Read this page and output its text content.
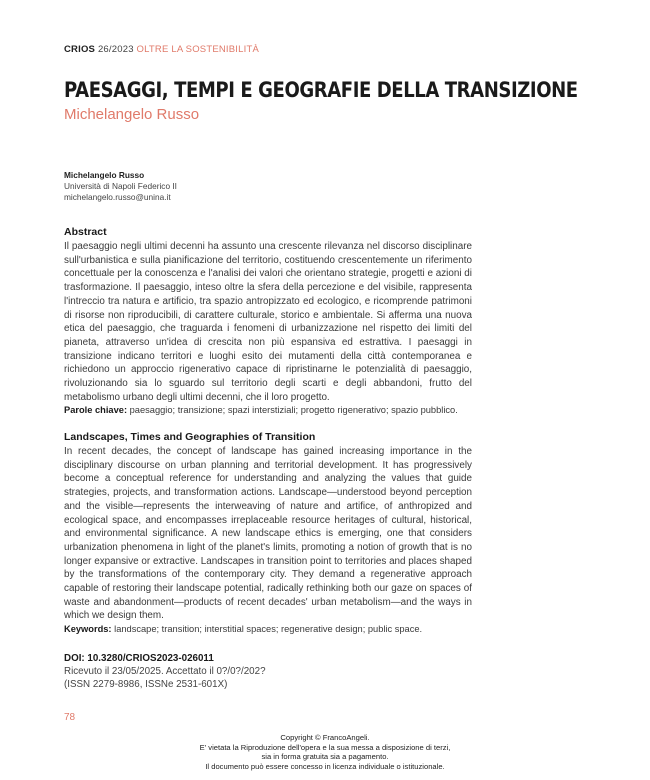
CRIOS 26/2023 OLTRE LA SOSTENIBILITÀ
PAESAGGI, TEMPI E GEOGRAFIE DELLA TRANSIZIONE
Michelangelo Russo
Michelangelo Russo
Università di Napoli Federico II
michelangelo.russo@unina.it
Abstract

Il paesaggio negli ultimi decenni ha assunto una crescente rilevanza nel discorso disciplinare sull'urbanistica e sulla pianificazione del territorio, costituendo crescentemente un riferimento concettuale per la conoscenza e l'analisi dei valori che orientano strategie, progetti e azioni di trasformazione. Il paesaggio, inteso oltre la sfera della percezione e del visibile, rappresenta l'intreccio tra natura e artificio, tra spazio antropizzato ed ecologico, e ricomprende patrimoni di risorse non riproducibili, di carattere culturale, storico e ambientale. Si afferma una nuova etica del paesaggio, che traguarda i fenomeni di urbanizzazione nel rispetto dei limiti del pianeta, attraverso un'idea di crescita non più espansiva ed estrattiva. I paesaggi in transizione indicano territori e luoghi esito dei mutamenti della città contemporanea e richiedono un approccio rigenerativo capace di ripristinarne le potenzialità di paesaggio, rivoluzionando sia lo sguardo sul territorio degli scarti e degli abbandoni, frutto del metabolismo urbano degli ultimi decenni, che il loro progetto.

Parole chiave: paesaggio; transizione; spazi interstiziali; progetto rigenerativo; spazio pubblico.
Landscapes, Times and Geographies of Transition

In recent decades, the concept of landscape has gained increasing importance in the disciplinary discourse on urban planning and territorial development. It has progressively become a conceptual reference for understanding and analyzing the values that guide strategies, projects, and transformation actions. Landscape—understood beyond perception and the visible—represents the interweaving of nature and artifice, of anthropized and ecological space, and encompasses irreplaceable resource heritages of cultural, historical, and environmental significance. A new landscape ethics is emerging, one that considers urbanization phenomena in light of the planet's limits, promoting a notion of growth that is no longer expansive or extractive. Landscapes in transition point to territories and places shaped by the transformations of the contemporary city. They demand a regenerative approach capable of restoring their landscape potential, radically rethinking both our gaze on spaces of waste and abandonment—products of recent decades' urban metabolism—and the ways in which we design them.

Keywords: landscape; transition; interstitial spaces; regenerative design; public space.
DOI: 10.3280/CRIOS2023-026011
Ricevuto il 23/05/2025. Accettato il 0?/0?/202?
(ISSN 2279-8986, ISSNe 2531-601X)
78
Copyright © FrancoAngeli.
E' vietata la Riproduzione dell'opera e la sua messa a disposizione di terzi,
sia in forma gratuita sia a pagamento.
Il documento può essere concesso in licenza individuale o istituzionale.
